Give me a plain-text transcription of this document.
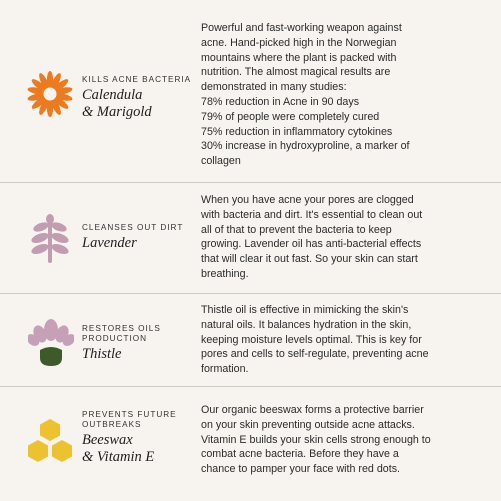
KILLS ACNE BACTERIA
Calendula
& Marigold
Powerful and fast-working weapon against
acne. Hand-picked high in the Norwegian
mountains where the plant is packed with
nutrition. The almost magical results are
demonstrated in many studies:
78% reduction in Acne in 90 days
79% of people were completely cured
75% reduction in inflammatory cytokines
30% increase in hydroxyproline, a marker of
collagen
CLEANSES OUT DIRT
Lavender
When you have acne your pores are clogged
with bacteria and dirt. It's essential to clean out
all of that to prevent the bacteria to keep
growing. Lavender oil has anti-bacterial effects
that will clear it out fast. So your skin can start
breathing.
RESTORES OILS PRODUCTION
Thistle
Thistle oil is effective in mimicking the skin's
natural oils. It balances hydration in the skin,
keeping moisture levels optimal. This is key for
pores and cells to self-regulate, preventing acne
formation.
PREVENTS FUTURE OUTBREAKS
Beeswax
& Vitamin E
Our organic beeswax forms a protective barrier
on your skin preventing outside acne attacks.
Vitamin E builds your skin cells strong enough to
combat acne bacteria. Before they have a
chance to pamper your face with red dots.
